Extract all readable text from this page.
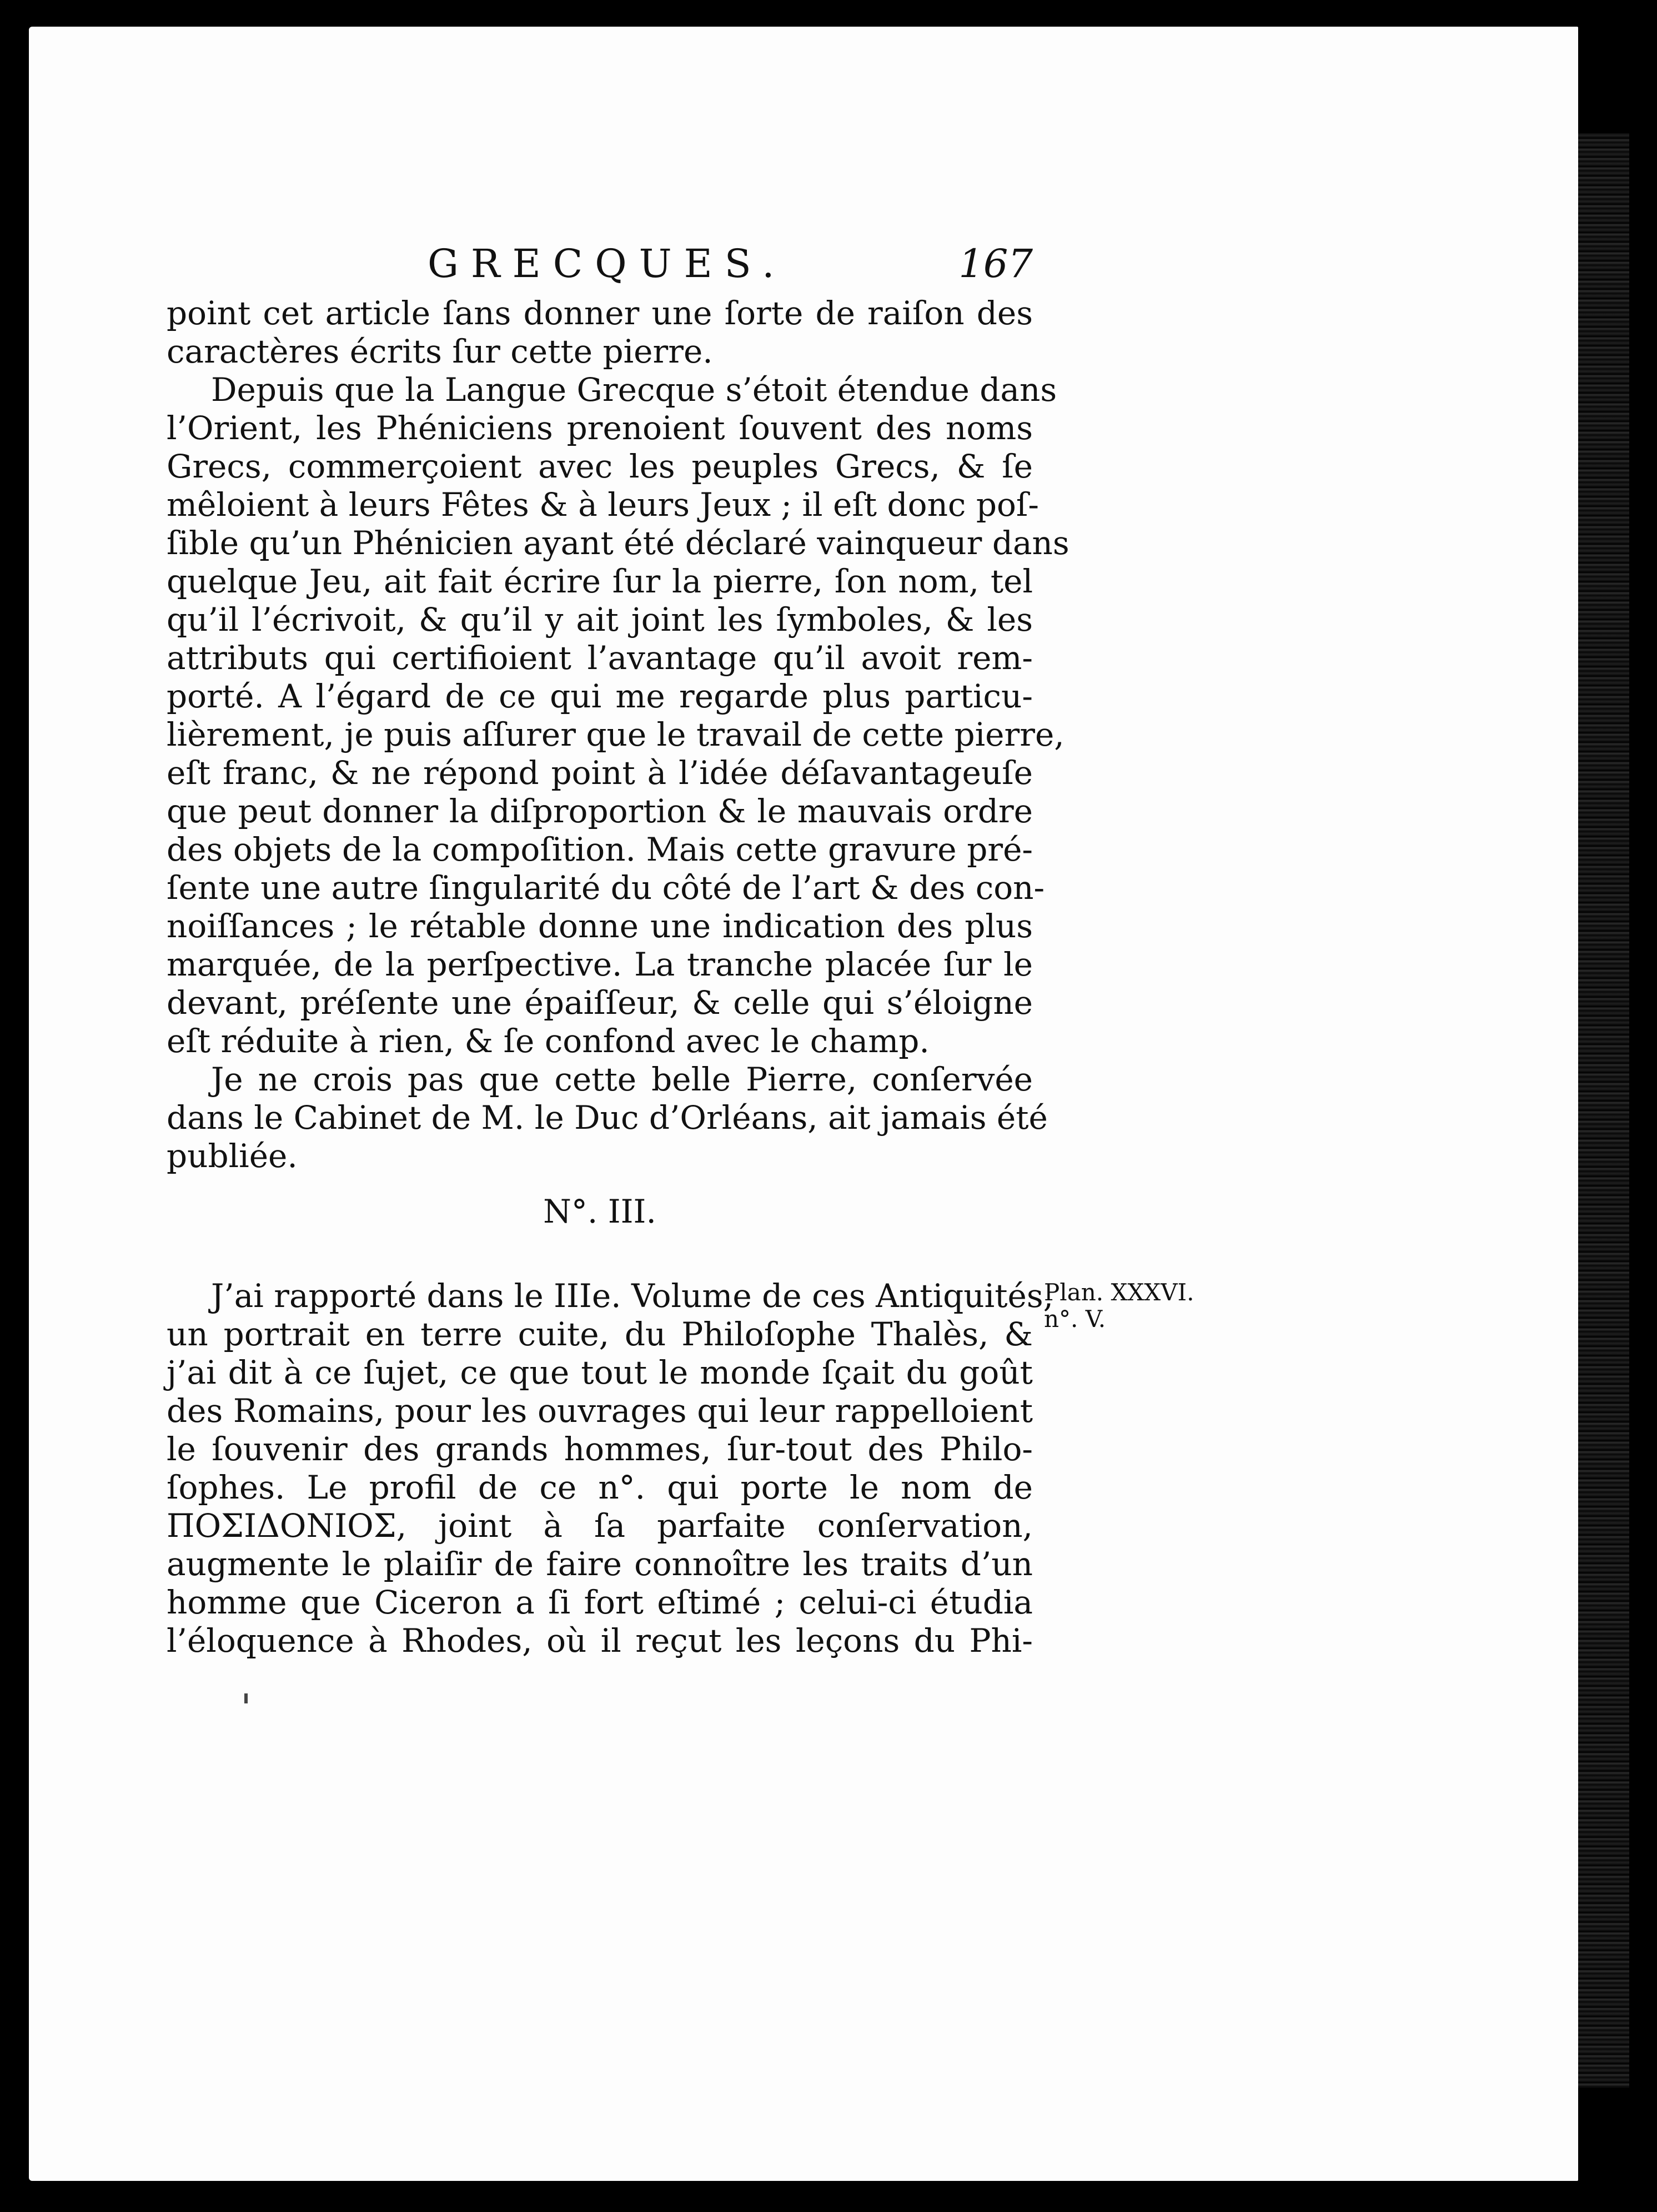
GRECQUES.	167
point cet article ſans donner une ſorte de raiſon des
caractères écrits ſur cette pierre.
Depuis que la Langue Grecque s’étoit étendue dans
l’Orient, les Phéniciens prenoient ſouvent des noms
Grecs, commerçoient avec les peuples Grecs, & ſe
mêloient à leurs Fêtes & à leurs Jeux ; il eſt donc poſ-
ſible qu’un Phénicien ayant été déclaré vainqueur dans
quelque Jeu, ait fait écrire ſur la pierre, ſon nom, tel
qu’il l’écrivoit, & qu’il y ait joint les ſymboles, & les
attributs qui certifioient l’avantage qu’il avoit rem-
porté. A l’égard de ce qui me regarde plus particu-
lièrement, je puis aſſurer que le travail de cette pierre,
eſt franc, & ne répond point à l’idée déſavantageuſe
que peut donner la diſproportion & le mauvais ordre
des objets de la compoſition. Mais cette gravure pré-
ſente une autre ſingularité du côté de l’art & des con-
noiſſances ; le rétable donne une indication des plus
marquée, de la perſpective. La tranche placée ſur le
devant, préſente une épaiſſeur, & celle qui s’éloigne
eſt réduite à rien, & ſe confond avec le champ.
Je ne crois pas que cette belle Pierre, conſervée
dans le Cabinet de M. le Duc d’Orléans, ait jamais été
publiée.
N°. III.
Plan. XXXVI.
n°. V.
J’ai rapporté dans le IIIe. Volume de ces Antiquités,
un portrait en terre cuite, du Philoſophe Thalès, &
j’ai dit à ce ſujet, ce que tout le monde ſçait du goût
des Romains, pour les ouvrages qui leur rappelloient
le ſouvenir des grands hommes, ſur-tout des Philo-
ſophes. Le profil de ce n°. qui porte le nom de
ΠΟΣΙΔΟΝΙΟΣ, joint à ſa parfaite conſervation,
augmente le plaiſir de faire connoître les traits d’un
homme que Ciceron a ſi fort eſtimé ; celui-ci étudia
l’éloquence à Rhodes, où il reçut les leçons du Phi-
